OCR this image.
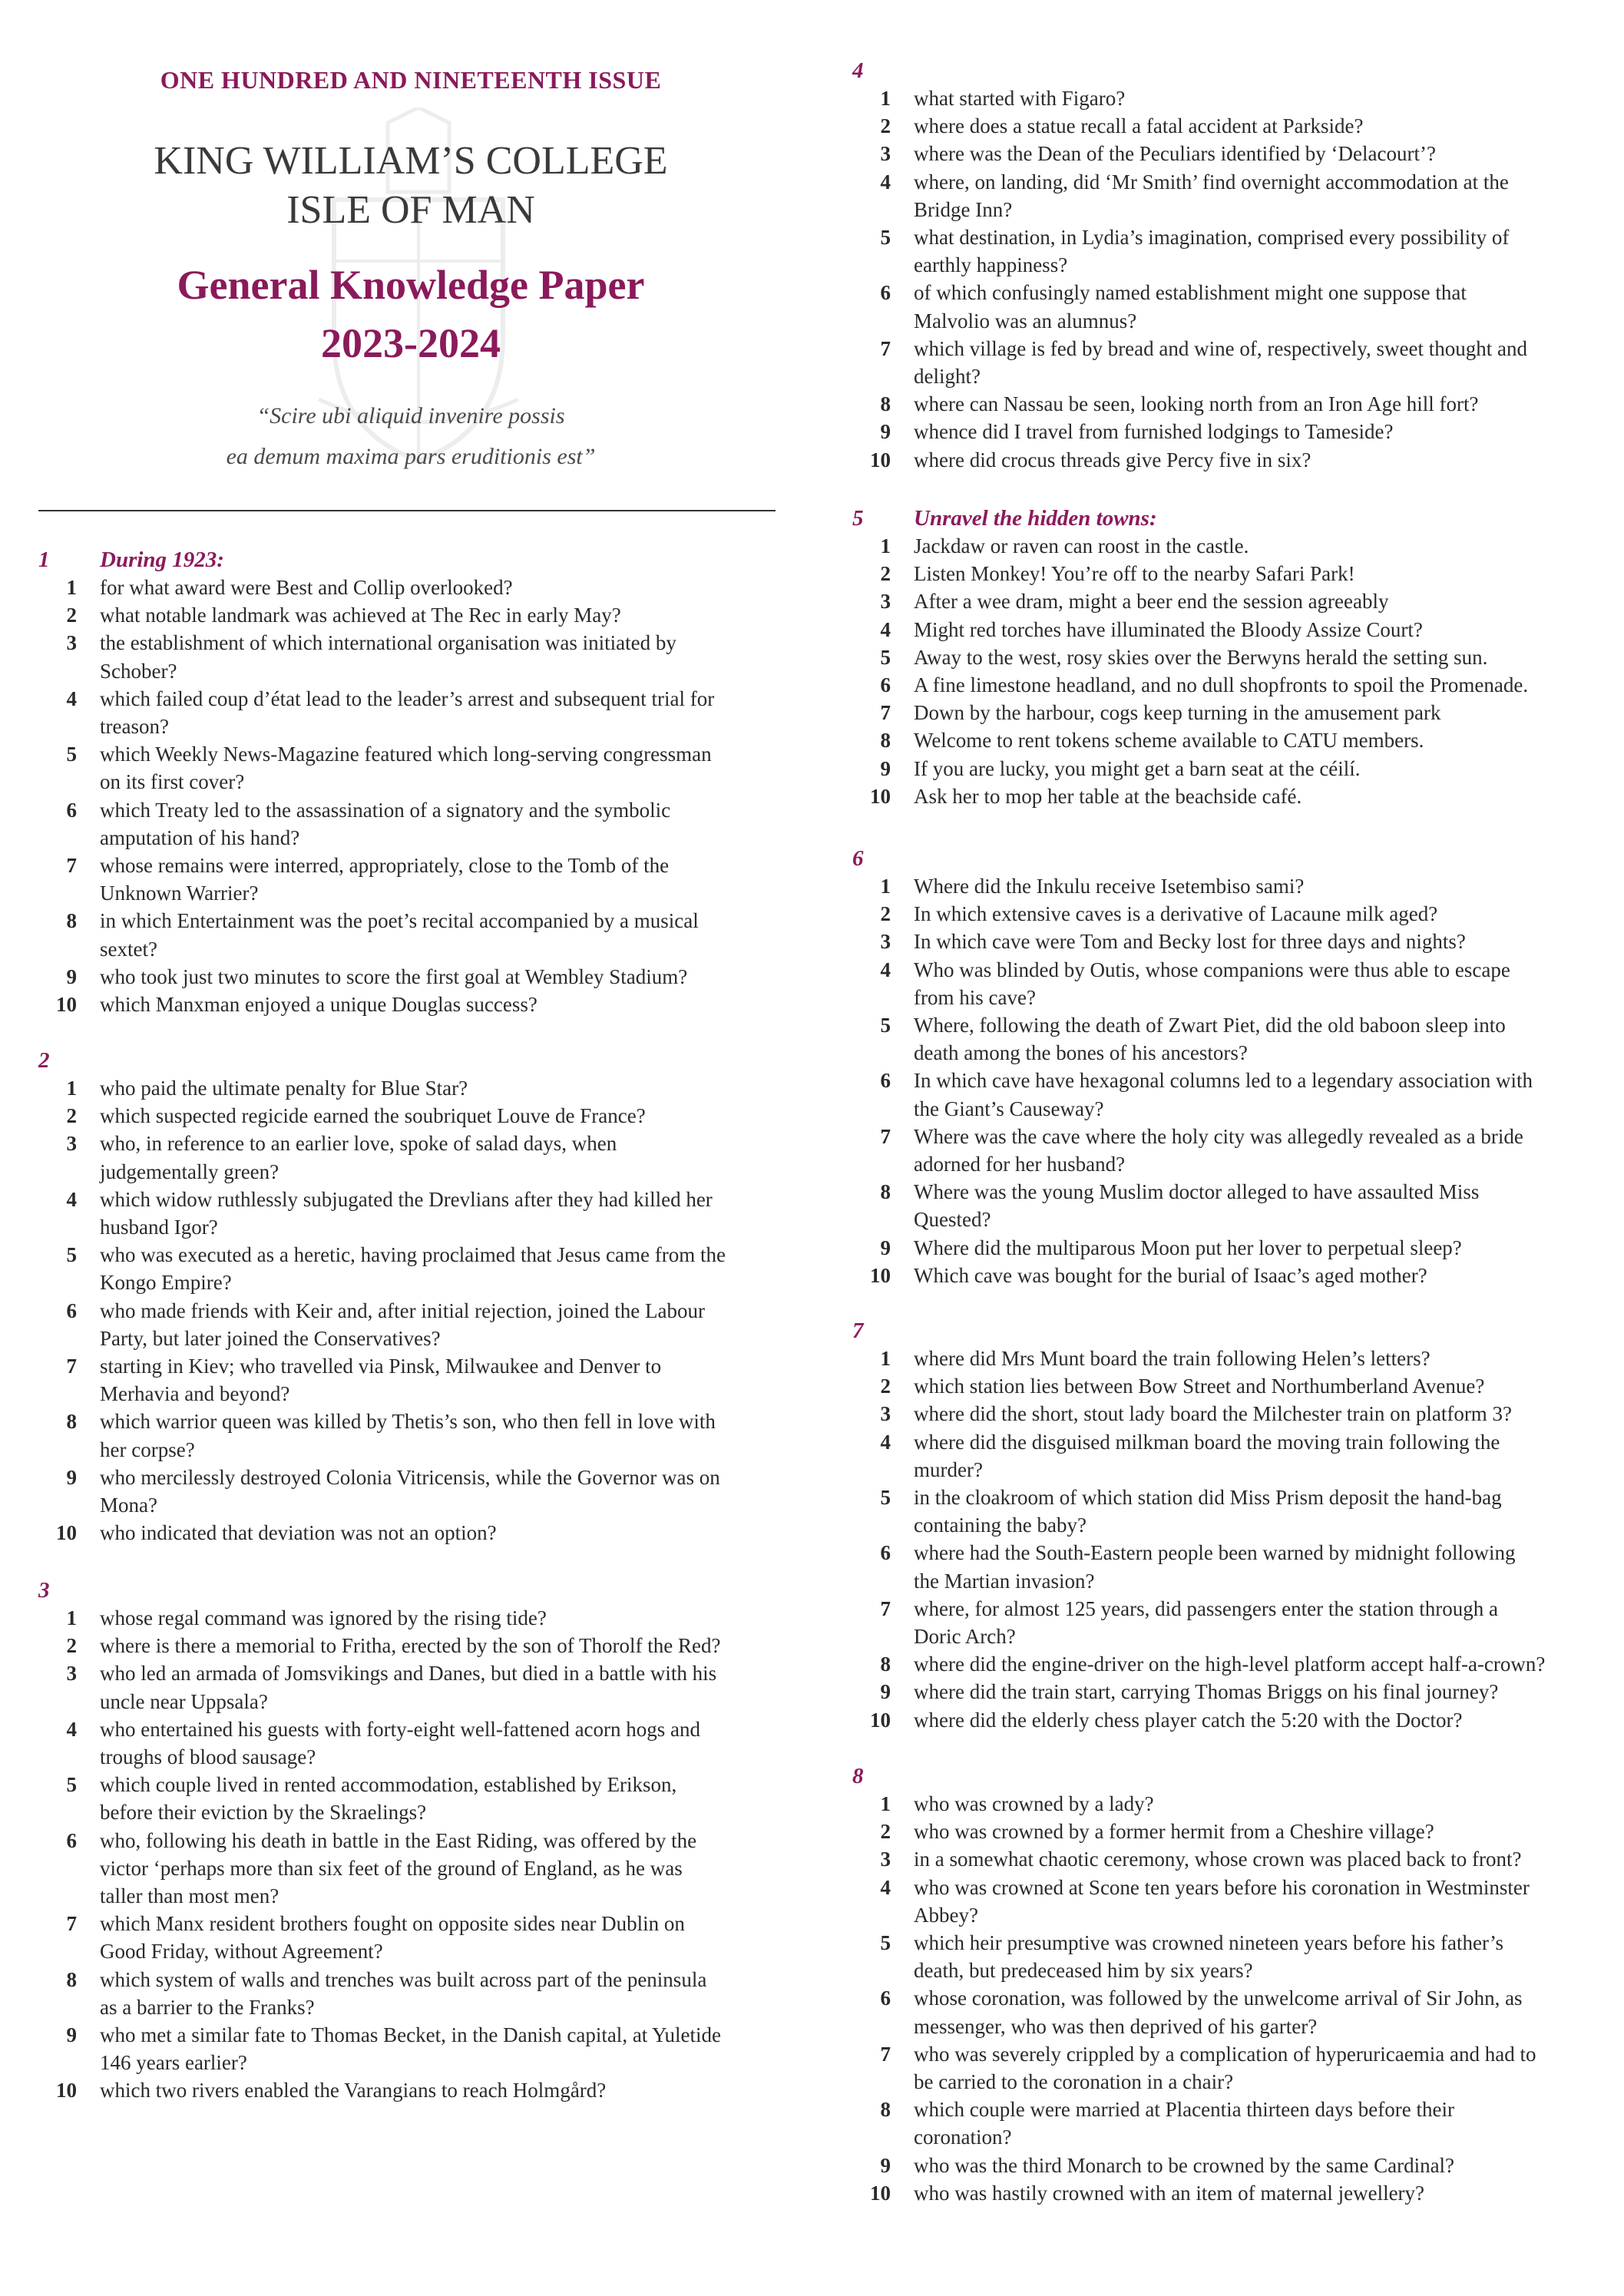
ONE HUNDRED AND NINETEENTH ISSUE
KING WILLIAM’S COLLEGE
ISLE OF MAN
General Knowledge Paper
2023-2024
“Scire ubi aliquid invenire possis
ea demum maxima pars eruditionis est”
1 During 1923:
1 for what award were Best and Collip overlooked?
2 what notable landmark was achieved at The Rec in early May?
3 the establishment of which international organisation was initiated by
Schober?
4 which failed coup d’état lead to the leader’s arrest and subsequent trial for
treason?
5 which Weekly News-Magazine featured which long-serving congressman
on its first cover?
6 which Treaty led to the assassination of a signatory and the symbolic
amputation of his hand?
7 whose remains were interred, appropriately, close to the Tomb of the
Unknown Warrier?
8 in which Entertainment was the poet’s recital accompanied by a musical
sextet?
9 who took just two minutes to score the first goal at Wembley Stadium?
10 which Manxman enjoyed a unique Douglas success?
2
1 who paid the ultimate penalty for Blue Star?
2 which suspected regicide earned the soubriquet Louve de France?
3 who, in reference to an earlier love, spoke of salad days, when
judgementally green?
4 which widow ruthlessly subjugated the Drevlians after they had killed her
husband Igor?
5 who was executed as a heretic, having proclaimed that Jesus came from the
Kongo Empire?
6 who made friends with Keir and, after initial rejection, joined the Labour
Party, but later joined the Conservatives?
7 starting in Kiev; who travelled via Pinsk, Milwaukee and Denver to
Merhavia and beyond?
8 which warrior queen was killed by Thetis’s son, who then fell in love with
her corpse?
9 who mercilessly destroyed Colonia Vitricensis, while the Governor was on
Mona?
10 who indicated that deviation was not an option?
3
1 whose regal command was ignored by the rising tide?
2 where is there a memorial to Fritha, erected by the son of Thorolf the Red?
3 who led an armada of Jomsvikings and Danes, but died in a battle with his
uncle near Uppsala?
4 who entertained his guests with forty-eight well-fattened acorn hogs and
troughs of blood sausage?
5 which couple lived in rented accommodation, established by Erikson,
before their eviction by the Skraelings?
6 who, following his death in battle in the East Riding, was offered by the
victor ‘perhaps more than six feet of the ground of England, as he was
taller than most men?
7 which Manx resident brothers fought on opposite sides near Dublin on
Good Friday, without Agreement?
8 which system of walls and trenches was built across part of the peninsula
as a barrier to the Franks?
9 who met a similar fate to Thomas Becket, in the Danish capital, at Yuletide
146 years earlier?
10 which two rivers enabled the Varangians to reach Holmgård?
4
1 what started with Figaro?
2 where does a statue recall a fatal accident at Parkside?
3 where was the Dean of the Peculiars identified by ‘Delacourt’?
4 where, on landing, did ‘Mr Smith’ find overnight accommodation at the
Bridge Inn?
5 what destination, in Lydia’s imagination, comprised every possibility of
earthly happiness?
6 of which confusingly named establishment might one suppose that
Malvolio was an alumnus?
7 which village is fed by bread and wine of, respectively, sweet thought and
delight?
8 where can Nassau be seen, looking north from an Iron Age hill fort?
9 whence did I travel from furnished lodgings to Tameside?
10 where did crocus threads give Percy five in six?
5 Unravel the hidden towns:
1 Jackdaw or raven can roost in the castle.
2 Listen Monkey! You’re off to the nearby Safari Park!
3 After a wee dram, might a beer end the session agreeably
4 Might red torches have illuminated the Bloody Assize Court?
5 Away to the west, rosy skies over the Berwyns herald the setting sun.
6 A fine limestone headland, and no dull shopfronts to spoil the Promenade.
7 Down by the harbour, cogs keep turning in the amusement park
8 Welcome to rent tokens scheme available to CATU members.
9 If you are lucky, you might get a barn seat at the céilí.
10 Ask her to mop her table at the beachside café.
6
1 Where did the Inkulu receive Isetembiso sami?
2 In which extensive caves is a derivative of Lacaune milk aged?
3 In which cave were Tom and Becky lost for three days and nights?
4 Who was blinded by Outis, whose companions were thus able to escape
from his cave?
5 Where, following the death of Zwart Piet, did the old baboon sleep into
death among the bones of his ancestors?
6 In which cave have hexagonal columns led to a legendary association with
the Giant’s Causeway?
7 Where was the cave where the holy city was allegedly revealed as a bride
adorned for her husband?
8 Where was the young Muslim doctor alleged to have assaulted Miss
Quested?
9 Where did the multiparous Moon put her lover to perpetual sleep?
10 Which cave was bought for the burial of Isaac’s aged mother?
7
1 where did Mrs Munt board the train following Helen’s letters?
2 which station lies between Bow Street and Northumberland Avenue?
3 where did the short, stout lady board the Milchester train on platform 3?
4 where did the disguised milkman board the moving train following the
murder?
5 in the cloakroom of which station did Miss Prism deposit the hand-bag
containing the baby?
6 where had the South-Eastern people been warned by midnight following
the Martian invasion?
7 where, for almost 125 years, did passengers enter the station through a
Doric Arch?
8 where did the engine-driver on the high-level platform accept half-a-crown?
9 where did the train start, carrying Thomas Briggs on his final journey?
10 where did the elderly chess player catch the 5:20 with the Doctor?
8
1 who was crowned by a lady?
2 who was crowned by a former hermit from a Cheshire village?
3 in a somewhat chaotic ceremony, whose crown was placed back to front?
4 who was crowned at Scone ten years before his coronation in Westminster
Abbey?
5 which heir presumptive was crowned nineteen years before his father’s
death, but predeceased him by six years?
6 whose coronation, was followed by the unwelcome arrival of Sir John, as
messenger, who was then deprived of his garter?
7 who was severely crippled by a complication of hyperuricaemia and had to
be carried to the coronation in a chair?
8 which couple were married at Placentia thirteen days before their
coronation?
9 who was the third Monarch to be crowned by the same Cardinal?
10 who was hastily crowned with an item of maternal jewellery?
